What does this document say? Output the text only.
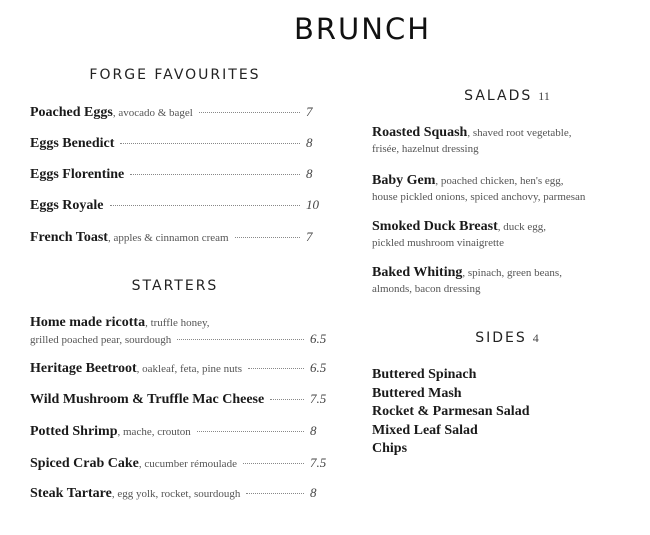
BRUNCH
FORGE FAVOURITES
Poached Eggs , avocado & bagel	7
Eggs Benedict	8
Eggs Florentine	8
Eggs Royale	10
French Toast , apples & cinnamon cream	7
STARTERS
Home made ricotta, truffle honey,
grilled poached pear, sourdough	6.5
Heritage Beetroot , oakleaf, feta, pine nuts	6.5
Wild Mushroom & Truffle Mac Cheese	7.5
Potted Shrimp , mache, crouton	8
Spiced Crab Cake , cucumber rémoulade	7.5
Steak Tartare , egg yolk, rocket, sourdough	8
SALADS 11
Roasted Squash, shaved root vegetable,
frisée, hazelnut dressing
Baby Gem, poached chicken, hen's egg,
house pickled onions, spiced anchovy, parmesan
Smoked Duck Breast, duck egg,
pickled mushroom vinaigrette
Baked Whiting, spinach, green beans,
almonds, bacon dressing
SIDES 4
Buttered Spinach
Buttered Mash
Rocket & Parmesan Salad
Mixed Leaf Salad
Chips
